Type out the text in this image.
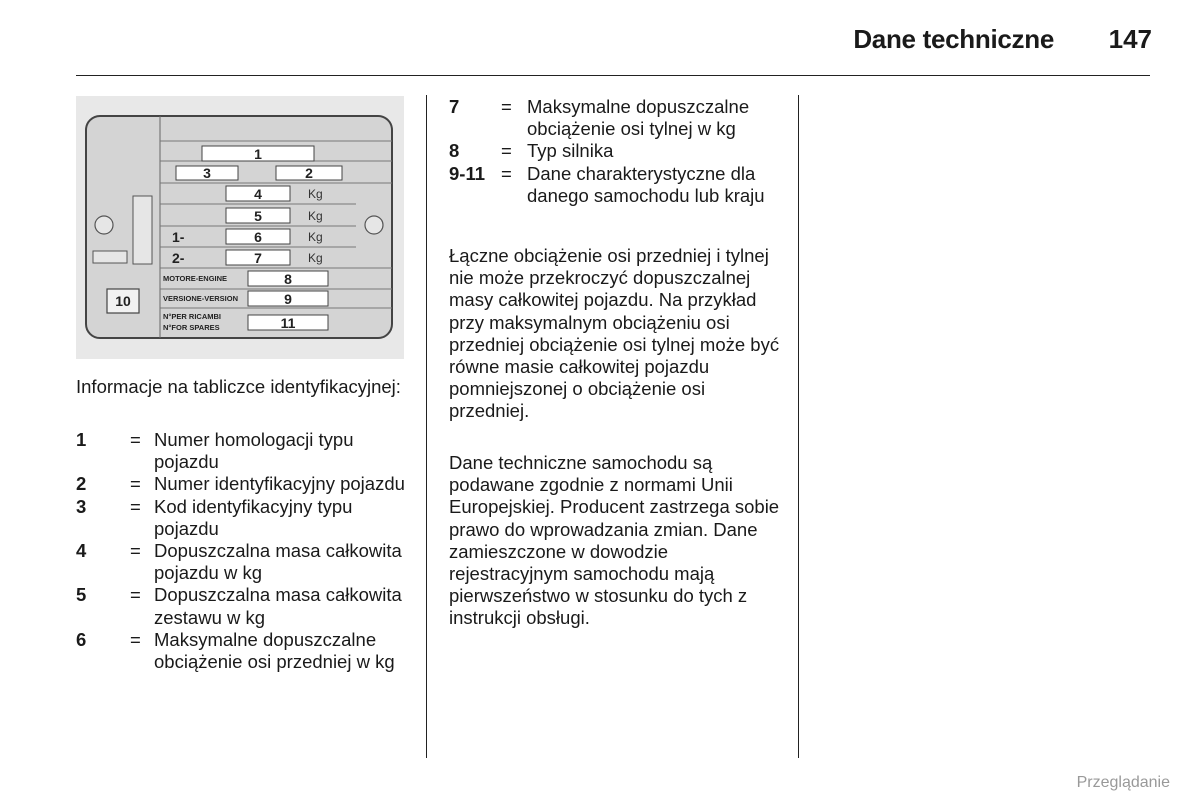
Dane techniczne 147
1
3	2
4
5
6
7
8
9
11
10
Kg
Kg
Kg
Kg
1-
2-
MOTORE-ENGINE
VERSIONE-VERSION
N°PER RICAMBI
N°FOR SPARES
Informacje na tabliczce identyfikacyjnej:
1	= Numer homologacji typu pojazdu
2	= Numer identyfikacyjny pojazdu
3	= Kod identyfikacyjny typu pojazdu
4	= Dopuszczalna masa całkowita pojazdu w kg
5	= Dopuszczalna masa całkowita zestawu w kg
6	= Maksymalne dopuszczalne obciążenie osi przedniej w kg
7	= Maksymalne dopuszczalne obciążenie osi tylnej w kg
8	= Typ silnika
9-11 = Dane charakterystyczne dla danego samochodu lub kraju
Łączne obciążenie osi przedniej i tylnej nie może przekroczyć dopuszczalnej masy całkowitej pojazdu. Na przykład przy maksymalnym obciążeniu osi przedniej obciążenie osi tylnej może być równe masie całkowitej pojazdu pomniejszonej o obciążenie osi przedniej.
Dane techniczne samochodu są podawane zgodnie z normami Unii Europejskiej. Producent zastrzega sobie prawo do wprowadzania zmian. Dane zamieszczone w dowodzie rejestracyjnym samochodu mają pierwszeństwo w stosunku do tych z instrukcji obsługi.
Przeglądanie
